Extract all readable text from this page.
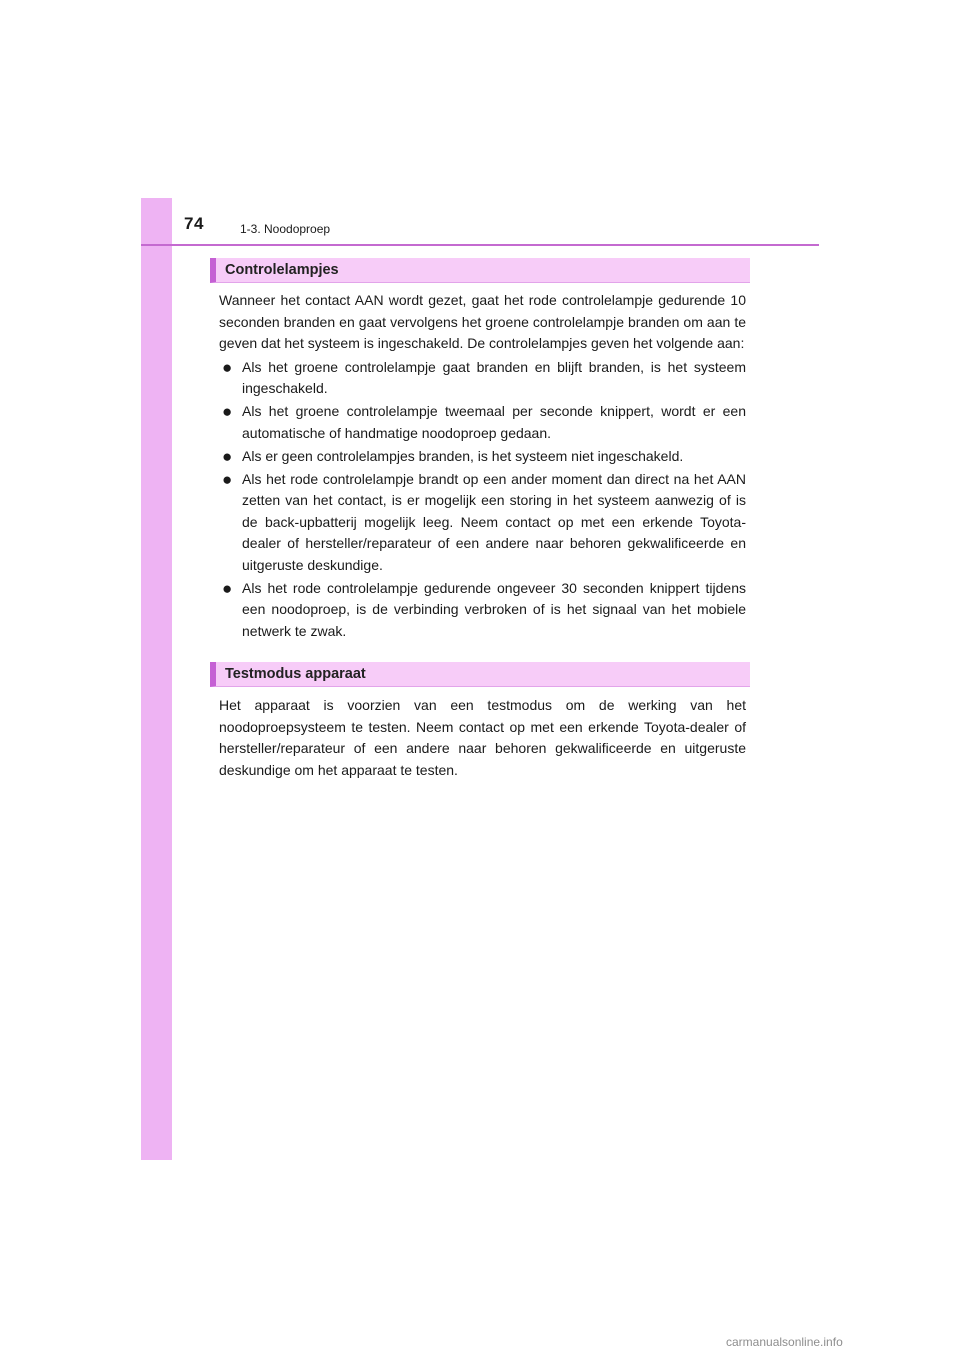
74	1-3. Noodoproep
Controlelampjes

Wanneer het contact AAN wordt gezet, gaat het rode controlelampje gedurende 10 seconden branden en gaat vervolgens het groene controlelampje branden om aan te geven dat het systeem is ingeschakeld. De controlelampjes geven het volgende aan:

● Als het groene controlelampje gaat branden en blijft branden, is het systeem ingeschakeld.
● Als het groene controlelampje tweemaal per seconde knippert, wordt er een automatische of handmatige noodoproep gedaan.
● Als er geen controlelampjes branden, is het systeem niet ingeschakeld.
● Als het rode controlelampje brandt op een ander moment dan direct na het AAN zetten van het contact, is er mogelijk een storing in het systeem aanwezig of is de back-upbatterij mogelijk leeg. Neem contact op met een erkende Toyota-dealer of hersteller/reparateur of een andere naar behoren gekwalificeerde en uitgeruste deskundige.
● Als het rode controlelampje gedurende ongeveer 30 seconden knippert tijdens een noodoproep, is de verbinding verbroken of is het signaal van het mobiele netwerk te zwak.
Testmodus apparaat

Het apparaat is voorzien van een testmodus om de werking van het noodoproepsysteem te testen. Neem contact op met een erkende Toyota-dealer of hersteller/reparateur of een andere naar behoren gekwalificeerde en uitgeruste deskundige om het apparaat te testen.

carmanualsonline.info
